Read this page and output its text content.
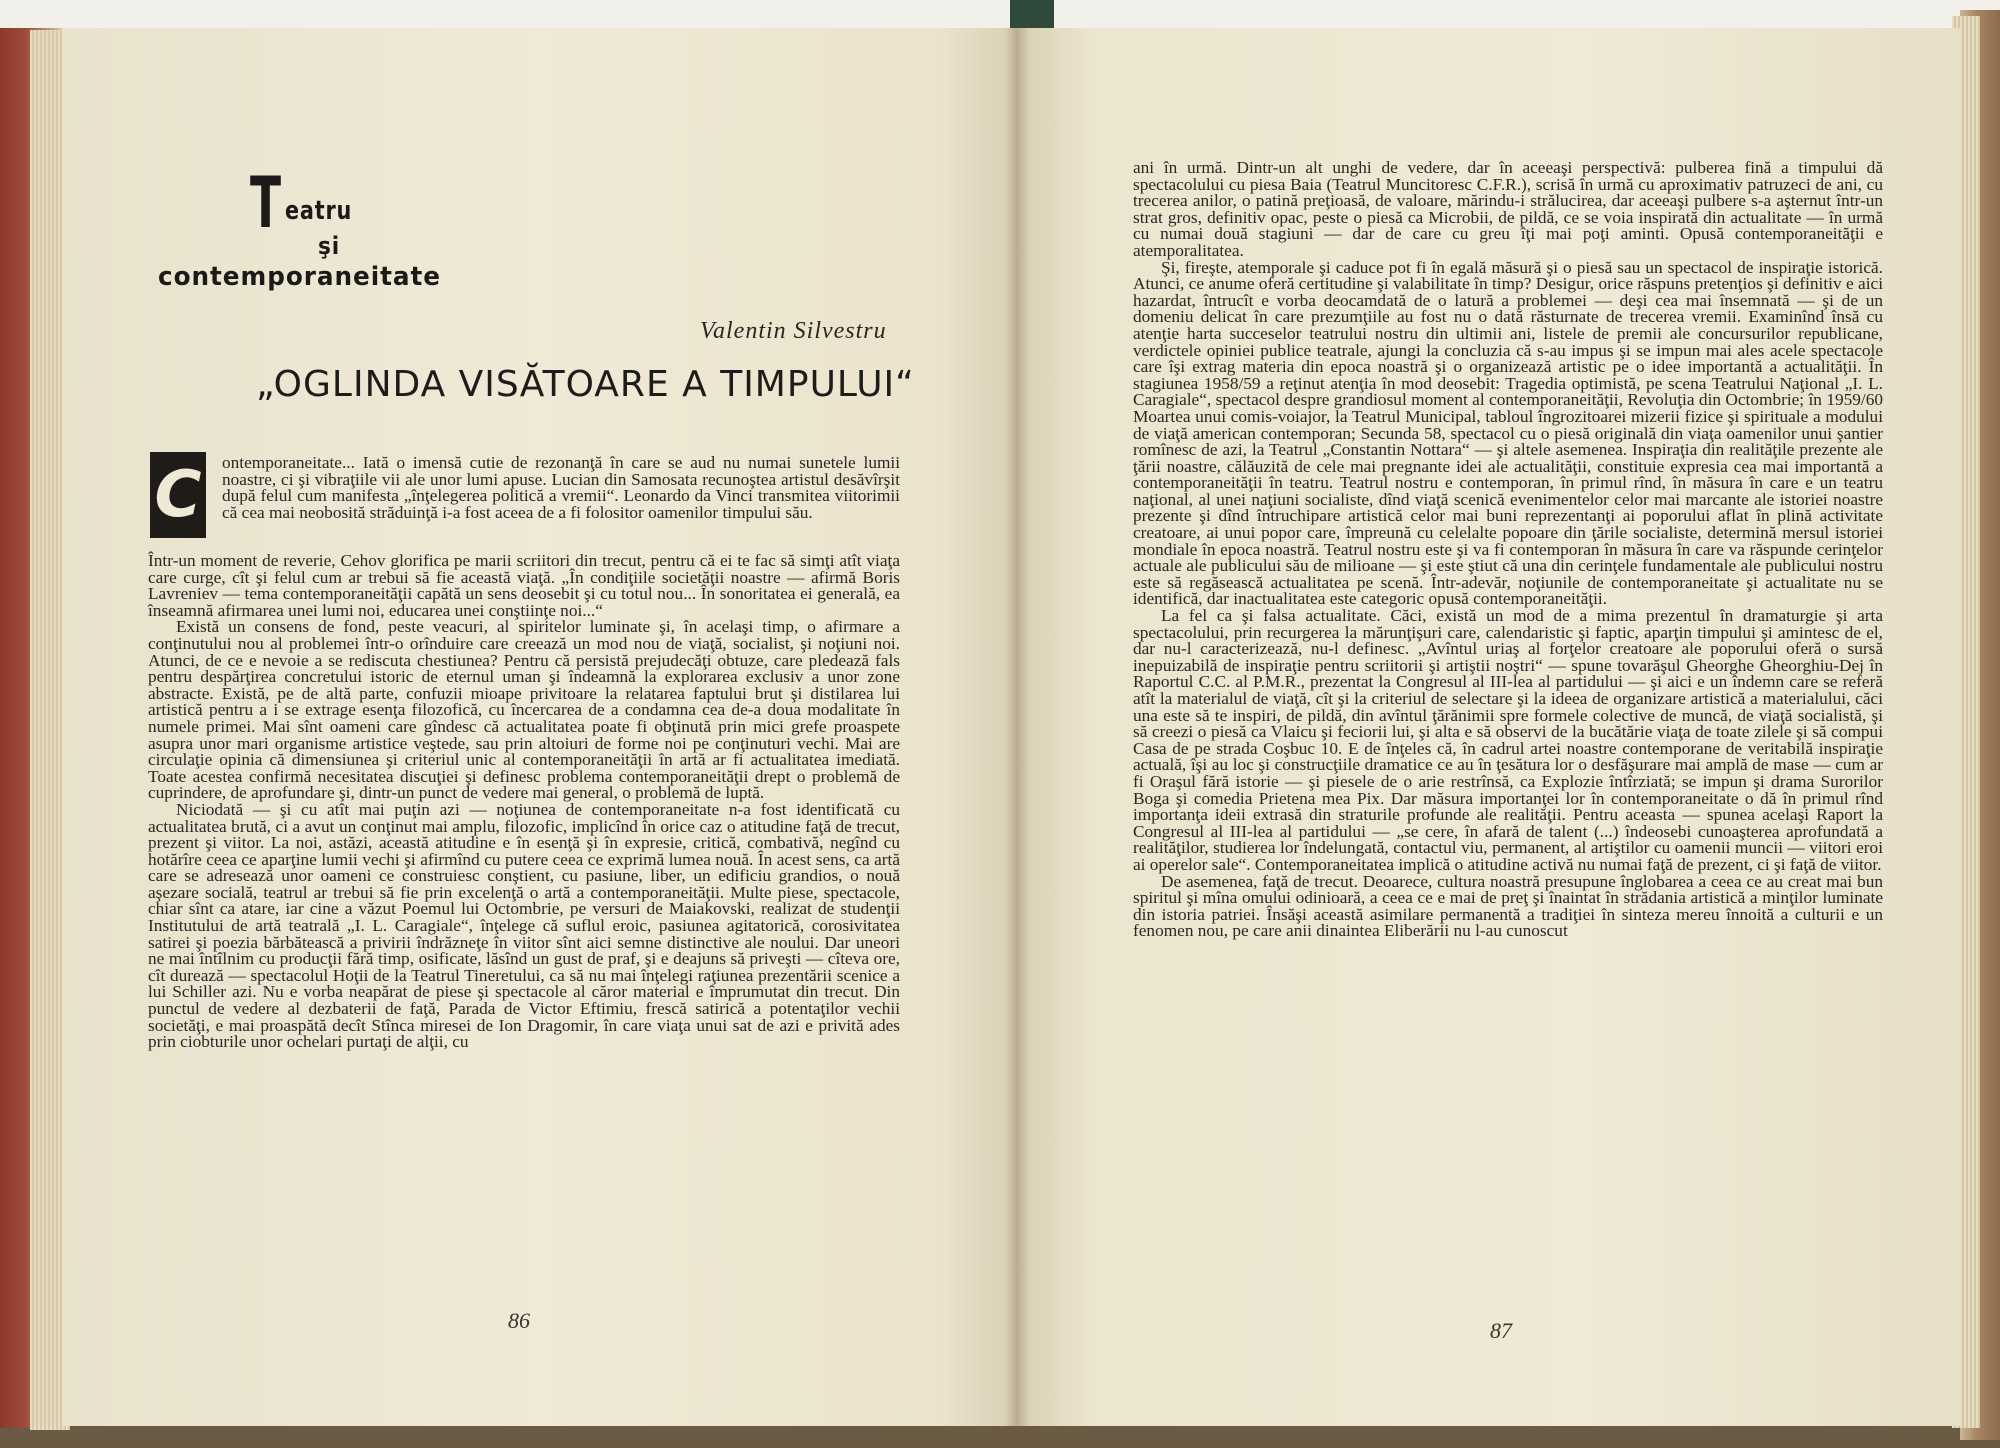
T eatru
şi
contemporaneitate
Valentin Silvestru
„OGLINDA VISĂTOARE A TIMPULUI“
C ontemporaneitate... Iată o imensă cutie de rezonanţă în care se aud nu numai sunetele lumii noastre, ci şi vibraţiile vii ale unor lumi apuse. Lucian din Samosata recunoştea artistul desăvîrşit după felul cum manifesta „înţelegerea politică a vremii“. Leonardo da Vinci transmitea viitorimii că cea mai neobosită străduinţă i-a fost aceea de a fi folositor oamenilor timpului său.

Într-un moment de reverie, Cehov glorifica pe marii scriitori din trecut, pentru că ei te fac să simţi atît viaţa care curge, cît şi felul cum ar trebui să fie această viaţă. „În condiţiile societăţii noastre — afirmă Boris Lavreniev — tema contemporaneităţii capătă un sens deosebit şi cu totul nou... În sonoritatea ei generală, ea înseamnă afirmarea unei lumi noi, educarea unei conştiinţe noi...“

Există un consens de fond, peste veacuri, al spiritelor luminate şi, în acelaşi timp, o afirmare a conţinutului nou al problemei într-o orînduire care creează un mod nou de viaţă, socialist, şi noţiuni noi. Atunci, de ce e nevoie a se rediscuta chestiunea? Pentru că persistă prejudecăţi obtuze, care pledează fals pentru despărţirea concretului istoric de eternul uman şi îndeamnă la explorarea exclusiv a unor zone abstracte. Există, pe de altă parte, confuzii mioape privitoare la relatarea faptului brut şi distilarea lui artistică pentru a i se extrage esenţa filozofică, cu încercarea de a condamna cea de-a doua modalitate în numele primei. Mai sînt oameni care gîndesc că actualitatea poate fi obţinută prin mici grefe proaspete asupra unor mari organisme artistice veştede, sau prin altoiuri de forme noi pe conţinuturi vechi. Mai are circulaţie opinia că dimensiunea şi criteriul unic al contemporaneităţii în artă ar fi actualitatea imediată. Toate acestea confirmă necesitatea discuţiei şi definesc problema contemporaneităţii drept o problemă de cuprindere, de aprofundare şi, dintr-un punct de vedere mai general, o problemă de luptă.

Niciodată — şi cu atît mai puţin azi — noţiunea de contemporaneitate n-a fost identificată cu actualitatea brută, ci a avut un conţinut mai amplu, filozofic, implicînd în orice caz o atitudine faţă de trecut, prezent şi viitor. La noi, astăzi, această atitudine e în esenţă şi în expresie, critică, combativă, negînd cu hotărîre ceea ce aparţine lumii vechi şi afirmînd cu putere ceea ce exprimă lumea nouă. În acest sens, ca artă care se adresează unor oameni ce construiesc conştient, cu pasiune, liber, un edificiu grandios, o nouă aşezare socială, teatrul ar trebui să fie prin excelenţă o artă a contemporaneităţii. Multe piese, spectacole, chiar sînt ca atare, iar cine a văzut Poemul lui Octombrie, pe versuri de Maiakovski, realizat de studenţii Institutului de artă teatrală „I. L. Caragiale“, înţelege că suflul eroic, pasiunea agitatorică, corosivitatea satirei şi poezia bărbătească a privirii îndrăzneţe în viitor sînt aici semne distinctive ale noului. Dar uneori ne mai întîlnim cu producţii fără timp, osificate, lăsînd un gust de praf, şi e deajuns să priveşti — cîteva ore, cît durează — spectacolul Hoţii de la Teatrul Tineretului, ca să nu mai înţelegi raţiunea prezentării scenice a lui Schiller azi. Nu e vorba neapărat de piese şi spectacole al căror material e împrumutat din trecut. Din punctul de vedere al dezbaterii de faţă, Parada de Victor Eftimiu, frescă satirică a potentaţilor vechii societăţi, e mai proaspătă decît Stînca miresei de Ion Dragomir, în care viaţa unui sat de azi e privită ades prin ciobturile unor ochelari purtaţi de alţii, cu

ani în urmă. Dintr-un alt unghi de vedere, dar în aceeaşi perspectivă: pulberea fină a timpului dă spectacolului cu piesa Baia (Teatrul Muncitoresc C.F.R.), scrisă în urmă cu aproximativ patruzeci de ani, cu trecerea anilor, o patină preţioasă, de valoare, mărindu-i strălucirea, dar aceeaşi pulbere s-a aşternut într-un strat gros, definitiv opac, peste o piesă ca Microbii, de pildă, ce se voia inspirată din actualitate — în urmă cu numai două stagiuni — dar de care cu greu îţi mai poţi aminti. Opusă contemporaneităţii e atemporalitatea.

Şi, fireşte, atemporale şi caduce pot fi în egală măsură şi o piesă sau un spectacol de inspiraţie istorică. Atunci, ce anume oferă certitudine şi valabilitate în timp? Desigur, orice răspuns pretenţios şi definitiv e aici hazardat, întrucît e vorba deocamdată de o latură a problemei — deşi cea mai însemnată — şi de un domeniu delicat în care prezumţiile au fost nu o dată răsturnate de trecerea vremii. Examinînd însă cu atenţie harta succeselor teatrului nostru din ultimii ani, listele de premii ale concursurilor republicane, verdictele opiniei publice teatrale, ajungi la concluzia că s-au impus şi se impun mai ales acele spectacole care îşi extrag materia din epoca noastră şi o organizează artistic pe o idee importantă a actualităţii. În stagiunea 1958/59 a reţinut atenţia în mod deosebit: Tragedia optimistă, pe scena Teatrului Naţional „I. L. Caragiale“, spectacol despre grandiosul moment al contemporaneităţii, Revoluţia din Octombrie; în 1959/60 Moartea unui comis-voiajor, la Teatrul Municipal, tabloul îngrozitoarei mizerii fizice şi spirituale a modului de viaţă american contemporan; Secunda 58, spectacol cu o piesă originală din viaţa oamenilor unui şantier romînesc de azi, la Teatrul „Constantin Nottara“ — şi altele asemenea. Inspiraţia din realităţile prezente ale ţării noastre, călăuzită de cele mai pregnante idei ale actualităţii, constituie expresia cea mai importantă a contemporaneităţii în teatru. Teatrul nostru e contemporan, în primul rînd, în măsura în care e un teatru naţional, al unei naţiuni socialiste, dînd viaţă scenică evenimentelor celor mai marcante ale istoriei noastre prezente şi dînd întruchipare artistică celor mai buni reprezentanţi ai poporului aflat în plină activitate creatoare, ai unui popor care, împreună cu celelalte popoare din ţările socialiste, determină mersul istoriei mondiale în epoca noastră. Teatrul nostru este şi va fi contemporan în măsura în care va răspunde cerinţelor actuale ale publicului său de milioane — şi este ştiut că una din cerinţele fundamentale ale publicului nostru este să regăsească actualitatea pe scenă. Într-adevăr, noţiunile de contemporaneitate şi actualitate nu se identifică, dar inactualitatea este categoric opusă contemporaneităţii.

La fel ca şi falsa actualitate. Căci, există un mod de a mima prezentul în dramaturgie şi arta spectacolului, prin recurgerea la mărunţişuri care, calendaristic şi faptic, aparţin timpului şi amintesc de el, dar nu-l caracterizează, nu-l definesc. „Avîntul uriaş al forţelor creatoare ale poporului oferă o sursă inepuizabilă de inspiraţie pentru scriitorii şi artiştii noştri“ — spune tovarăşul Gheorghe Gheorghiu-Dej în Raportul C.C. al P.M.R., prezentat la Congresul al III-lea al partidului — şi aici e un îndemn care se referă atît la materialul de viaţă, cît şi la criteriul de selectare şi la ideea de organizare artistică a materialului, căci una este să te inspiri, de pildă, din avîntul ţărănimii spre formele colective de muncă, de viaţă socialistă, şi să creezi o piesă ca Vlaicu şi feciorii lui, şi alta e să observi de la bucătărie viaţa de toate zilele şi să compui Casa de pe strada Coşbuc 10. E de înţeles că, în cadrul artei noastre contemporane de veritabilă inspiraţie actuală, îşi au loc şi construcţiile dramatice ce au în ţesătura lor o desfăşurare mai amplă de mase — cum ar fi Oraşul fără istorie — şi piesele de o arie restrînsă, ca Explozie întîrziată; se impun şi drama Surorilor Boga şi comedia Prietena mea Pix. Dar măsura importanţei lor în contemporaneitate o dă în primul rînd importanţa ideii extrasă din straturile profunde ale realităţii. Pentru aceasta — spunea acelaşi Raport la Congresul al III-lea al partidului — „se cere, în afară de talent (...) îndeosebi cunoaşterea aprofundată a realităţilor, studierea lor îndelungată, contactul viu, permanent, al artiştilor cu oamenii muncii — viitori eroi ai operelor sale“. Contemporaneitatea implică o atitudine activă nu numai faţă de prezent, ci şi faţă de viitor.

De asemenea, faţă de trecut. Deoarece, cultura noastră presupune înglobarea a ceea ce au creat mai bun spiritul şi mîna omului odinioară, a ceea ce e mai de preţ şi înaintat în strădania artistică a minţilor luminate din istoria patriei. Însăşi această asimilare permanentă a tradiţiei în sinteza mereu înnoită a culturii e un fenomen nou, pe care anii dinaintea Eliberării nu l-au cunoscut

86	87
